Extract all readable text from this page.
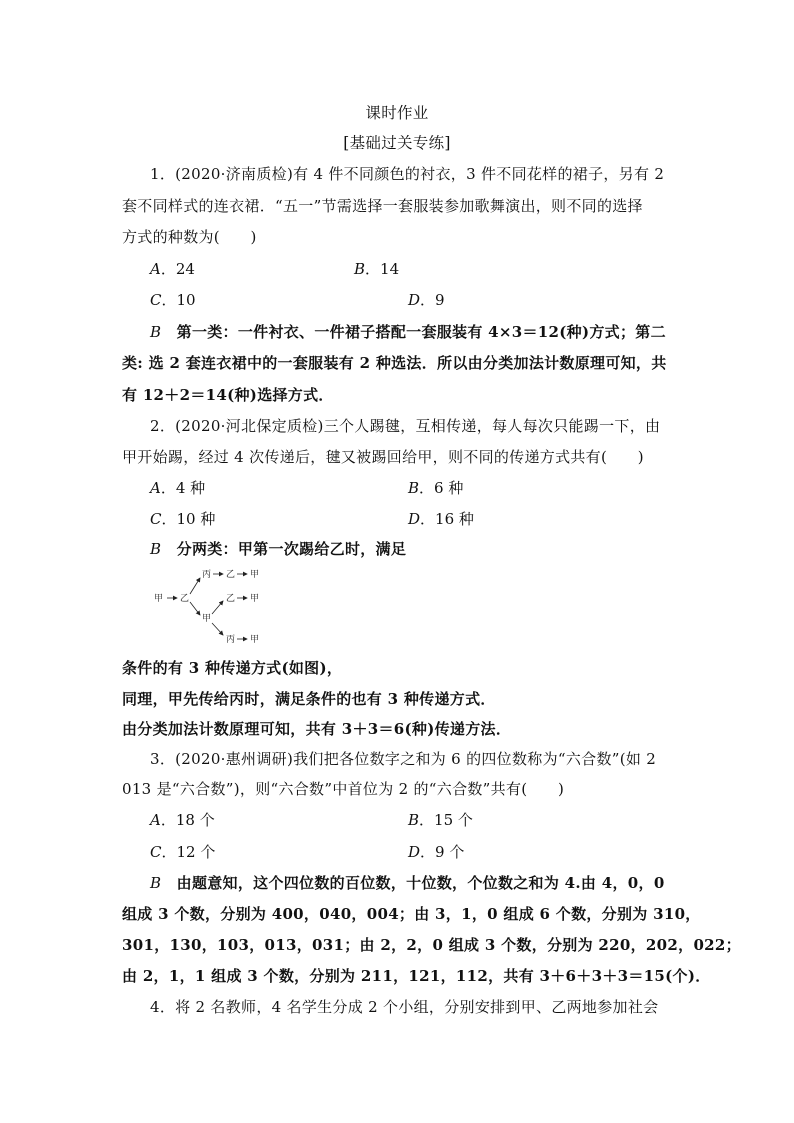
课时作业
[基础过关专练]
1．(2020·济南质检)有 4 件不同颜色的衬衣，3 件不同花样的裙子，另有 2
套不同样式的连衣裙．“五一”节需选择一套服装参加歌舞演出，则不同的选择
方式的种数为(　　)
A．24	B．14
C．10	D．9
B　 第一类：一件衬衣、一件裙子搭配一套服装有 4×3＝12(种)方式；第二
类: 选 2 套连衣裙中的一套服装有 2 种选法．所以由分类加法计数原理可知，共
有 12＋2＝14(种)选择方式．
2．(2020·河北保定质检)三个人踢毽，互相传递，每人每次只能踢一下，由
甲开始踢，经过 4 次传递后，毽又被踢回给甲，则不同的传递方式共有(　　)
A．4 种	B．6 种
C．10 种	D．16 种
B　 分两类：甲第一次踢给乙时，满足
甲 乙
丙 乙 甲
甲
乙 甲
丙 甲
条件的有 3 种传递方式(如图)，
同理，甲先传给丙时，满足条件的也有 3 种传递方式．
由分类加法计数原理可知，共有 3＋3＝6(种)传递方法．
3．(2020·惠州调研)我们把各位数字之和为 6 的四位数称为“六合数”(如 2
013 是“六合数”)，则“六合数”中首位为 2 的“六合数”共有(　　)
A．18 个	B．15 个
C．12 个	D．9 个
B　 由题意知，这个四位数的百位数，十位数，个位数之和为 4.由 4，0，0
组成 3 个数，分别为 400，040，004；由 3，1，0 组成 6 个数，分别为 310，
301，130，103，013，031；由 2，2，0 组成 3 个数，分别为 220，202，022；
由 2，1，1 组成 3 个数，分别为 211，121，112，共有 3＋6＋3＋3＝15(个)．
4．将 2 名教师，4 名学生分成 2 个小组，分别安排到甲、乙两地参加社会
